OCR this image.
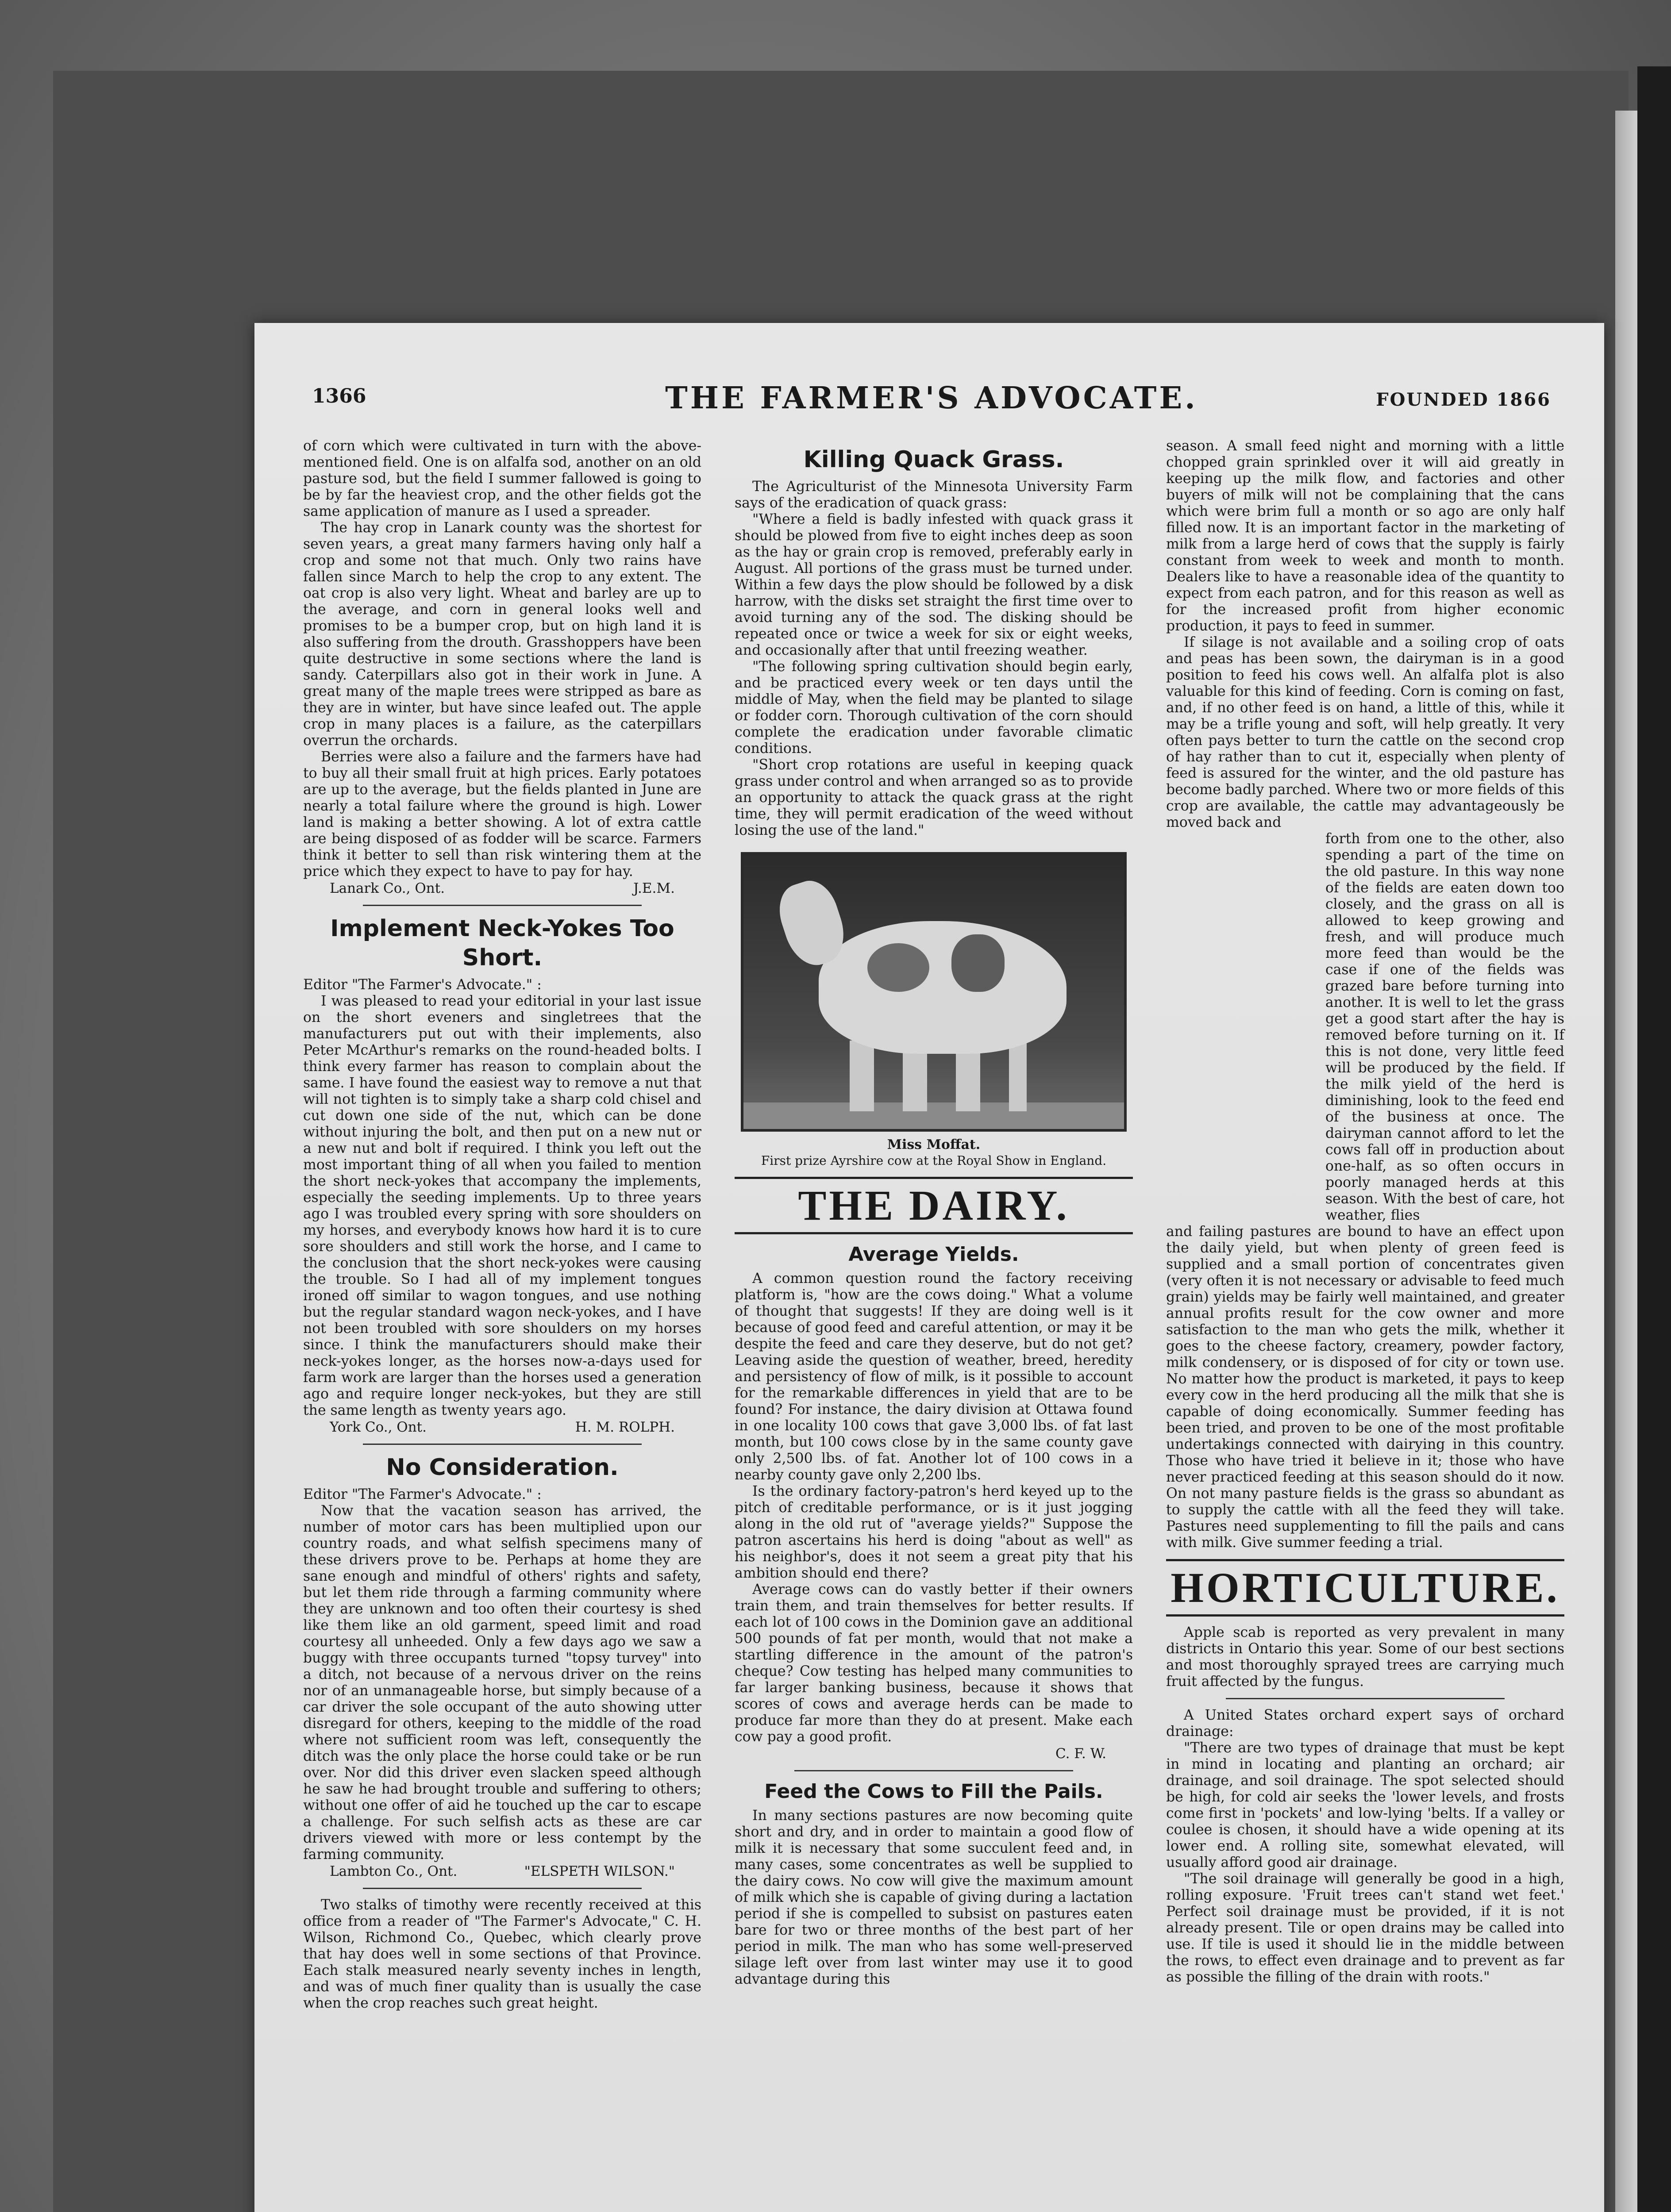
1366	THE FARMER'S ADVOCATE.	FOUNDED 1866
of corn which were cultivated in turn with the above-mentioned field. One is on alfalfa sod, another on an old pasture sod, but the field I summer fallowed is going to be by far the heaviest crop, and the other fields got the same application of manure as I used a spreader.
The hay crop in Lanark county was the shortest for seven years, a great many farmers having only half a crop and some not that much. Only two rains have fallen since March to help the crop to any extent. The oat crop is also very light. Wheat and barley are up to the average, and corn in general looks well and promises to be a bumper crop, but on high land it is also suffering from the drouth. Grasshoppers have been quite destructive in some sections where the land is sandy. Caterpillars also got in their work in June. A great many of the maple trees were stripped as bare as they are in winter, but have since leafed out. The apple crop in many places is a failure, as the caterpillars overrun the orchards.
Berries were also a failure and the farmers have had to buy all their small fruit at high prices. Early potatoes are up to the average, but the fields planted in June are nearly a total failure where the ground is high. Lower land is making a better showing. A lot of extra cattle are being disposed of as fodder will be scarce. Farmers think it better to sell than risk wintering them at the price which they expect to have to pay for hay.
Lanark Co., Ont.	J.E.M.
Implement Neck-Yokes Too Short.
Editor "The Farmer's Advocate." :
I was pleased to read your editorial in your last issue on the short eveners and singletrees that the manufacturers put out with their implements, also Peter McArthur's remarks on the round-headed bolts. I think every farmer has reason to complain about the same. I have found the easiest way to remove a nut that will not tighten is to simply take a sharp cold chisel and cut down one side of the nut, which can be done without injuring the bolt, and then put on a new nut or a new nut and bolt if required. I think you left out the most important thing of all when you failed to mention the short neck-yokes that accompany the implements, especially the seeding implements. Up to three years ago I was troubled every spring with sore shoulders on my horses, and everybody knows how hard it is to cure sore shoulders and still work the horse, and I came to the conclusion that the short neck-yokes were causing the trouble. So I had all of my implement tongues ironed off similar to wagon tongues, and use nothing but the regular standard wagon neck-yokes, and I have not been troubled with sore shoulders on my horses since. I think the manufacturers should make their neck-yokes longer, as the horses now-a-days used for farm work are larger than the horses used a generation ago and require longer neck-yokes, but they are still the same length as twenty years ago.
York Co., Ont.	H. M. ROLPH.
No Consideration.
Editor "The Farmer's Advocate." :
Now that the vacation season has arrived, the number of motor cars has been multiplied upon our country roads, and what selfish specimens many of these drivers prove to be. Perhaps at home they are sane enough and mindful of others' rights and safety, but let them ride through a farming community where they are unknown and too often their courtesy is shed like them like an old garment, speed limit and road courtesy all unheeded. Only a few days ago we saw a buggy with three occupants turned "topsy turvey" into a ditch, not because of a nervous driver on the reins nor of an unmanageable horse, but simply because of a car driver the sole occupant of the auto showing utter disregard for others, keeping to the middle of the road where not sufficient room was left, consequently the ditch was the only place the horse could take or be run over. Nor did this driver even slacken speed although he saw he had brought trouble and suffering to others; without one offer of aid he touched up the car to escape a challenge. For such selfish acts as these are car drivers viewed with more or less contempt by the farming community.
Lambton Co., Ont.	"ELSPETH WILSON."
Two stalks of timothy were recently received at this office from a reader of "The Farmer's Advocate," C. H. Wilson, Richmond Co., Quebec, which clearly prove that hay does well in some sections of that Province. Each stalk measured nearly seventy inches in length, and was of much finer quality than is usually the case when the crop reaches such great height.
Killing Quack Grass.
The Agriculturist of the Minnesota University Farm says of the eradication of quack grass:
"Where a field is badly infested with quack grass it should be plowed from five to eight inches deep as soon as the hay or grain crop is removed, preferably early in August. All portions of the grass must be turned under. Within a few days the plow should be followed by a disk harrow, with the disks set straight the first time over to avoid turning any of the sod. The disking should be repeated once or twice a week for six or eight weeks, and occasionally after that until freezing weather.
"The following spring cultivation should begin early, and be practiced every week or ten days until the middle of May, when the field may be planted to silage or fodder corn. Thorough cultivation of the corn should complete the eradication under favorable climatic conditions.
"Short crop rotations are useful in keeping quack grass under control and when arranged so as to provide an opportunity to attack the quack grass at the right time, they will permit eradication of the weed without losing the use of the land."
Miss Moffat.
First prize Ayrshire cow at the Royal Show in England.
THE DAIRY.
Average Yields.
A common question round the factory receiving platform is, "how are the cows doing." What a volume of thought that suggests! If they are doing well is it because of good feed and careful attention, or may it be despite the feed and care they deserve, but do not get? Leaving aside the question of weather, breed, heredity and persistency of flow of milk, is it possible to account for the remarkable differences in yield that are to be found? For instance, the dairy division at Ottawa found in one locality 100 cows that gave 3,000 lbs. of fat last month, but 100 cows close by in the same county gave only 2,500 lbs. of fat. Another lot of 100 cows in a nearby county gave only 2,200 lbs.
Is the ordinary factory-patron's herd keyed up to the pitch of creditable performance, or is it just jogging along in the old rut of "average yields?" Suppose the patron ascertains his herd is doing "about as well" as his neighbor's, does it not seem a great pity that his ambition should end there?
Average cows can do vastly better if their owners train them, and train themselves for better results. If each lot of 100 cows in the Dominion gave an additional 500 pounds of fat per month, would that not make a startling difference in the amount of the patron's cheque? Cow testing has helped many communities to far larger banking business, because it shows that scores of cows and average herds can be made to produce far more than they do at present. Make each cow pay a good profit.
C. F. W.
Feed the Cows to Fill the Pails.
In many sections pastures are now becoming quite short and dry, and in order to maintain a good flow of milk it is necessary that some succulent feed and, in many cases, some concentrates as well be supplied to the dairy cows. No cow will give the maximum amount of milk which she is capable of giving during a lactation period if she is compelled to subsist on pastures eaten bare for two or three months of the best part of her period in milk. The man who has some well-preserved silage left over from last winter may use it to good advantage during this
season. A small feed night and morning with a little chopped grain sprinkled over it will aid greatly in keeping up the milk flow, and factories and other buyers of milk will not be complaining that the cans which were brim full a month or so ago are only half filled now. It is an important factor in the marketing of milk from a large herd of cows that the supply is fairly constant from week to week and month to month. Dealers like to have a reasonable idea of the quantity to expect from each patron, and for this reason as well as for the increased profit from higher economic production, it pays to feed in summer.
If silage is not available and a soiling crop of oats and peas has been sown, the dairyman is in a good position to feed his cows well. An alfalfa plot is also valuable for this kind of feeding. Corn is coming on fast, and, if no other feed is on hand, a little of this, while it may be a trifle young and soft, will help greatly. It very often pays better to turn the cattle on the second crop of hay rather than to cut it, especially when plenty of feed is assured for the winter, and the old pasture has become badly parched. Where two or more fields of this crop are available, the cattle may advantageously be moved back and
forth from one to the other, also spending a part of the time on the old pasture. In this way none of the fields are eaten down too closely, and the grass on all is allowed to keep growing and fresh, and will produce much more feed than would be the case if one of the fields was grazed bare before turning into another. It is well to let the grass get a good start after the hay is removed before turning on it. If this is not done, very little feed will be produced by the field. If the milk yield of the herd is diminishing, look to the feed end of the business at once. The dairyman cannot afford to let the cows fall off in production about one-half, as so often occurs in poorly managed herds at this season. With the best of care, hot weather, flies
and failing pastures are bound to have an effect upon the daily yield, but when plenty of green feed is supplied and a small portion of concentrates given (very often it is not necessary or advisable to feed much grain) yields may be fairly well maintained, and greater annual profits result for the cow owner and more satisfaction to the man who gets the milk, whether it goes to the cheese factory, creamery, powder factory, milk condensery, or is disposed of for city or town use. No matter how the product is marketed, it pays to keep every cow in the herd producing all the milk that she is capable of doing economically. Summer feeding has been tried, and proven to be one of the most profitable undertakings connected with dairying in this country. Those who have tried it believe in it; those who have never practiced feeding at this season should do it now. On not many pasture fields is the grass so abundant as to supply the cattle with all the feed they will take. Pastures need supplementing to fill the pails and cans with milk. Give summer feeding a trial.
HORTICULTURE.
Apple scab is reported as very prevalent in many districts in Ontario this year. Some of our best sections and most thoroughly sprayed trees are carrying much fruit affected by the fungus.
A United States orchard expert says of orchard drainage:
"There are two types of drainage that must be kept in mind in locating and planting an orchard; air drainage, and soil drainage. The spot selected should be high, for cold air seeks the 'lower levels, and frosts come first in 'pockets' and low-lying 'belts. If a valley or coulee is chosen, it should have a wide opening at its lower end. A rolling site, somewhat elevated, will usually afford good air drainage.
"The soil drainage will generally be good in a high, rolling exposure. 'Fruit trees can't stand wet feet.' Perfect soil drainage must be provided, if it is not already present. Tile or open drains may be called into use. If tile is used it should lie in the middle between the rows, to effect even drainage and to prevent as far as possible the filling of the drain with roots."
